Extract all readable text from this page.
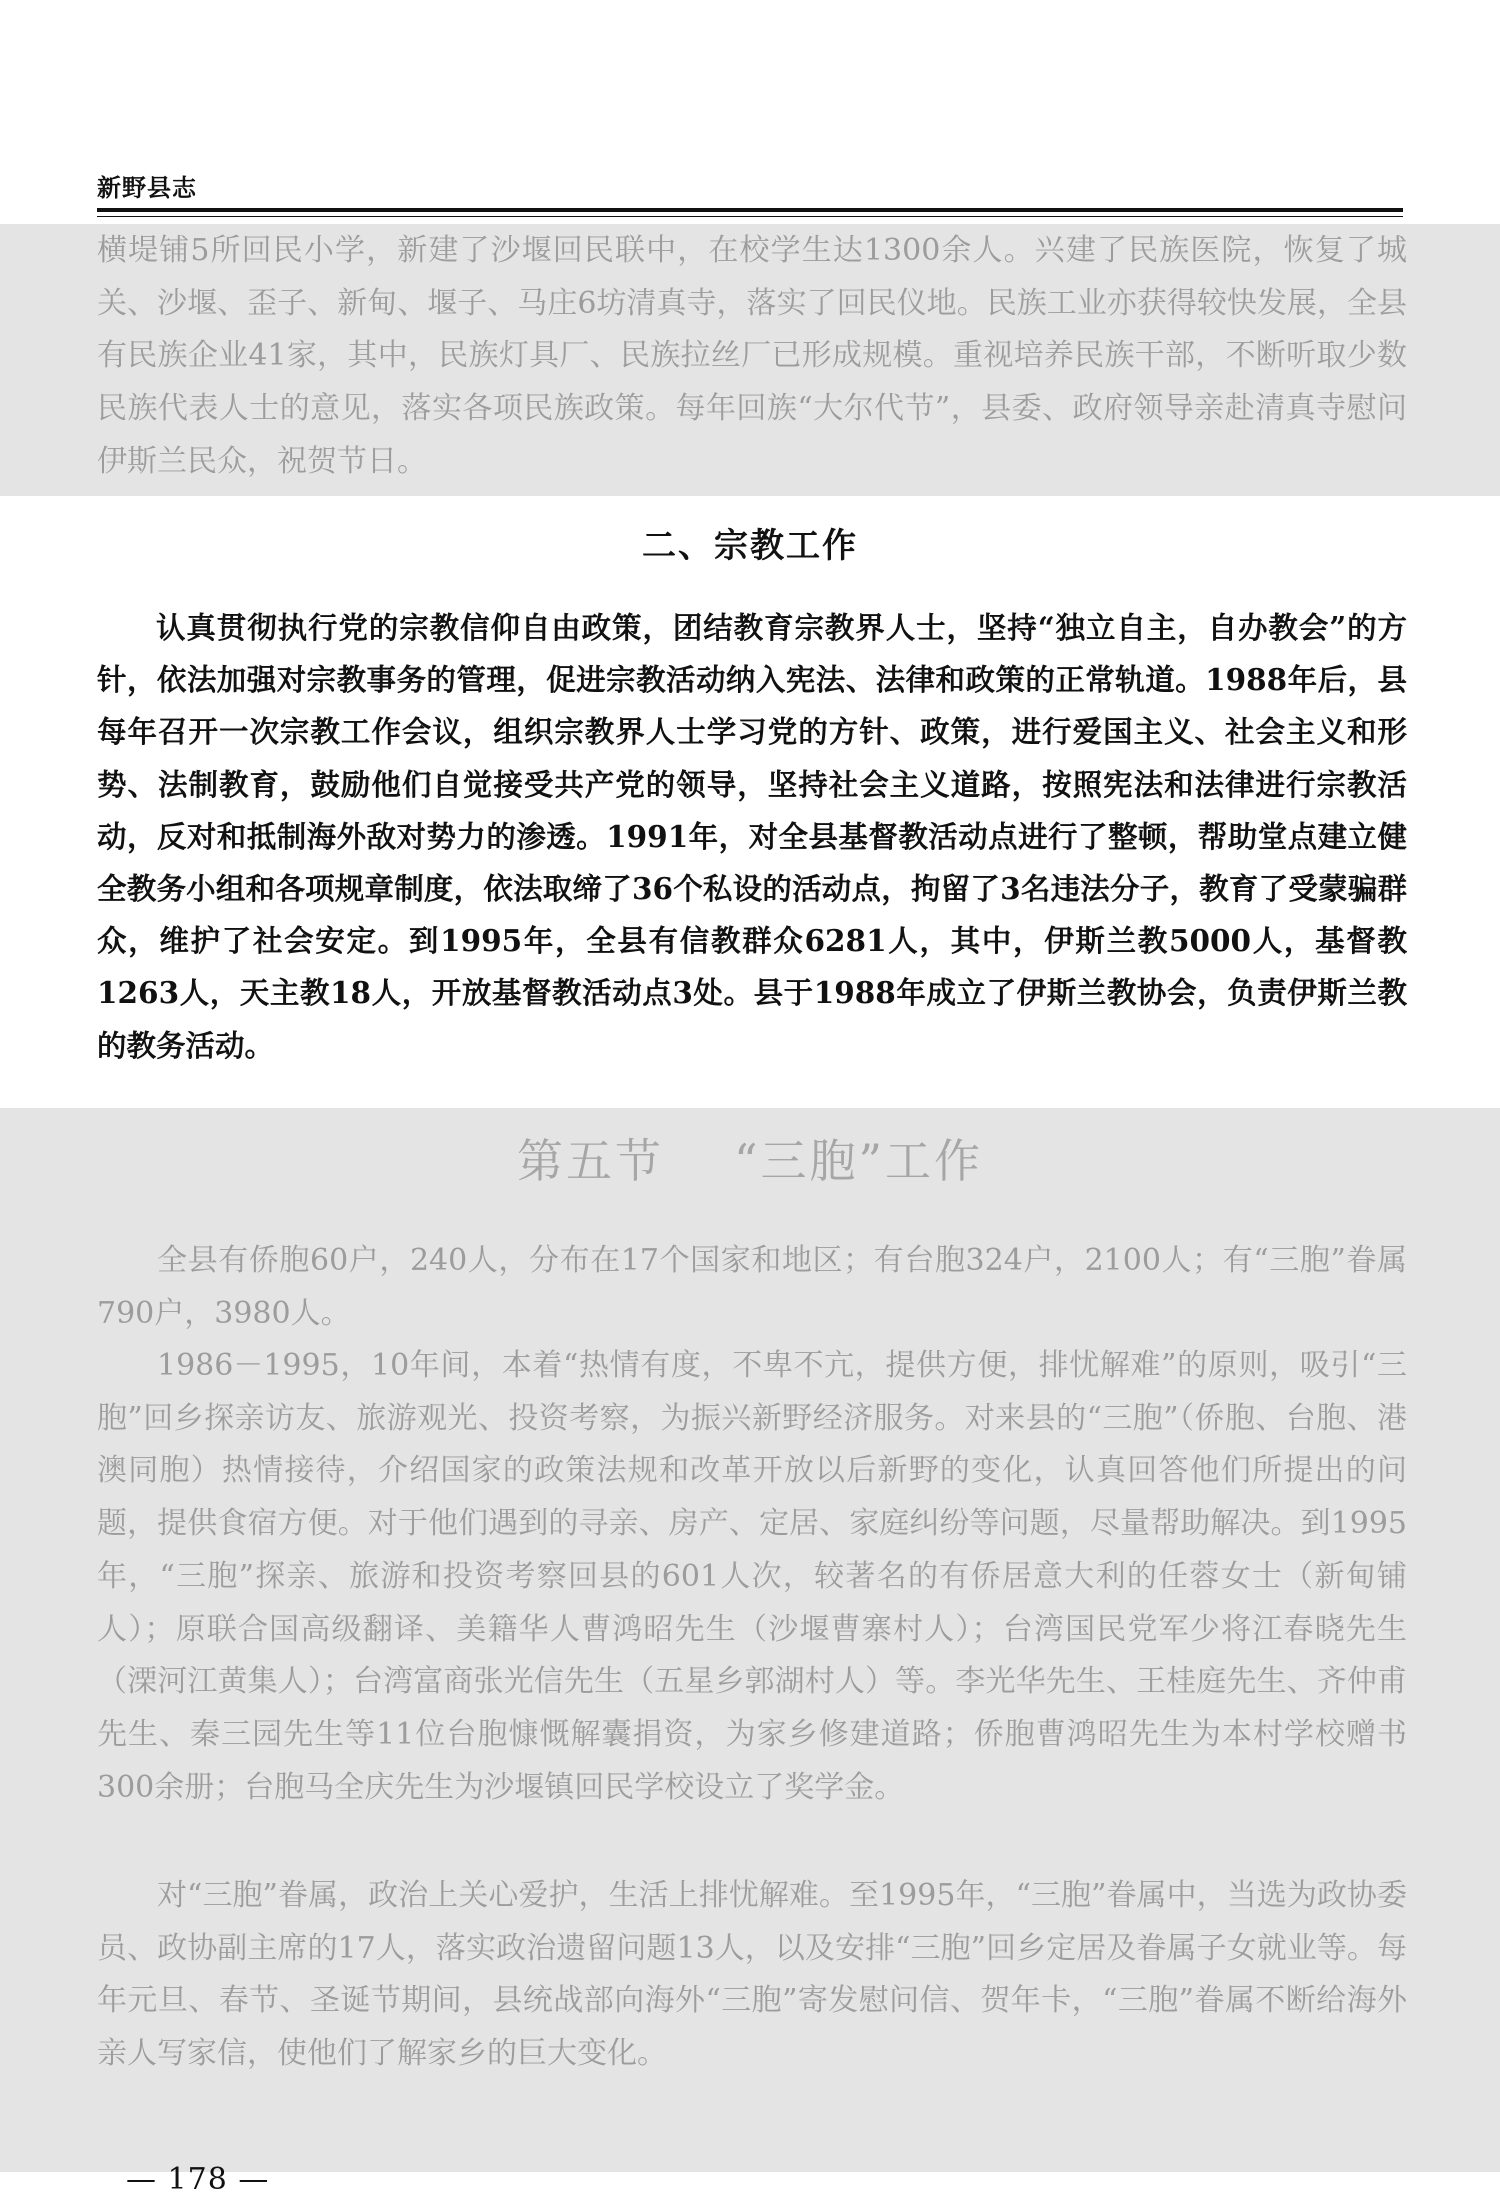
新野县志

横堤铺5所回民小学，新建了沙堰回民联中，在校学生达1300余人。兴建了民族医院，恢复了城关、沙堰、歪子、新甸、堰子、马庄6坊清真寺，落实了回民仪地。民族工业亦获得较快发展，全县有民族企业41家，其中，民族灯具厂、民族拉丝厂已形成规模。重视培养民族干部，不断听取少数民族代表人士的意见，落实各项民族政策。每年回族“大尔代节”，县委、政府领导亲赴清真寺慰问伊斯兰民众，祝贺节日。

二、宗教工作

认真贯彻执行党的宗教信仰自由政策，团结教育宗教界人士，坚持“独立自主，自办教会”的方针，依法加强对宗教事务的管理，促进宗教活动纳入宪法、法律和政策的正常轨道。1988年后，县每年召开一次宗教工作会议，组织宗教界人士学习党的方针、政策，进行爱国主义、社会主义和形势、法制教育，鼓励他们自觉接受共产党的领导，坚持社会主义道路，按照宪法和法律进行宗教活动，反对和抵制海外敌对势力的渗透。1991年，对全县基督教活动点进行了整顿，帮助堂点建立健全教务小组和各项规章制度，依法取缔了36个私设的活动点，拘留了3名违法分子，教育了受蒙骗群众，维护了社会安定。到1995年，全县有信教群众6281人，其中，伊斯兰教5000人，基督教1263人，天主教18人，开放基督教活动点3处。县于1988年成立了伊斯兰教协会，负责伊斯兰教的教务活动。

第五节 “三胞”工作

全县有侨胞60户，240人，分布在17个国家和地区；有台胞324户，2100人；有“三胞”眷属790户，3980人。

1986－1995，10年间，本着“热情有度，不卑不亢，提供方便，排忧解难”的原则，吸引“三胞”回乡探亲访友、旅游观光、投资考察，为振兴新野经济服务。对来县的“三胞”（侨胞、台胞、港澳同胞）热情接待，介绍国家的政策法规和改革开放以后新野的变化，认真回答他们所提出的问题，提供食宿方便。对于他们遇到的寻亲、房产、定居、家庭纠纷等问题，尽量帮助解决。到1995年，“三胞”探亲、旅游和投资考察回县的601人次，较著名的有侨居意大利的任蓉女士（新甸铺人）；原联合国高级翻译、美籍华人曹鸿昭先生（沙堰曹寨村人）；台湾国民党军少将江春晓先生（溧河江黄集人）；台湾富商张光信先生（五星乡郭湖村人）等。李光华先生、王桂庭先生、齐仲甫先生、秦三园先生等11位台胞慷慨解囊捐资，为家乡修建道路；侨胞曹鸿昭先生为本村学校赠书300余册；台胞马全庆先生为沙堰镇回民学校设立了奖学金。

对“三胞”眷属，政治上关心爱护，生活上排忧解难。至1995年，“三胞”眷属中，当选为政协委员、政协副主席的17人，落实政治遗留问题13人，以及安排“三胞”回乡定居及眷属子女就业等。每年元旦、春节、圣诞节期间，县统战部向海外“三胞”寄发慰问信、贺年卡，“三胞”眷属不断给海外亲人写家信，使他们了解家乡的巨大变化。

— 178 —
